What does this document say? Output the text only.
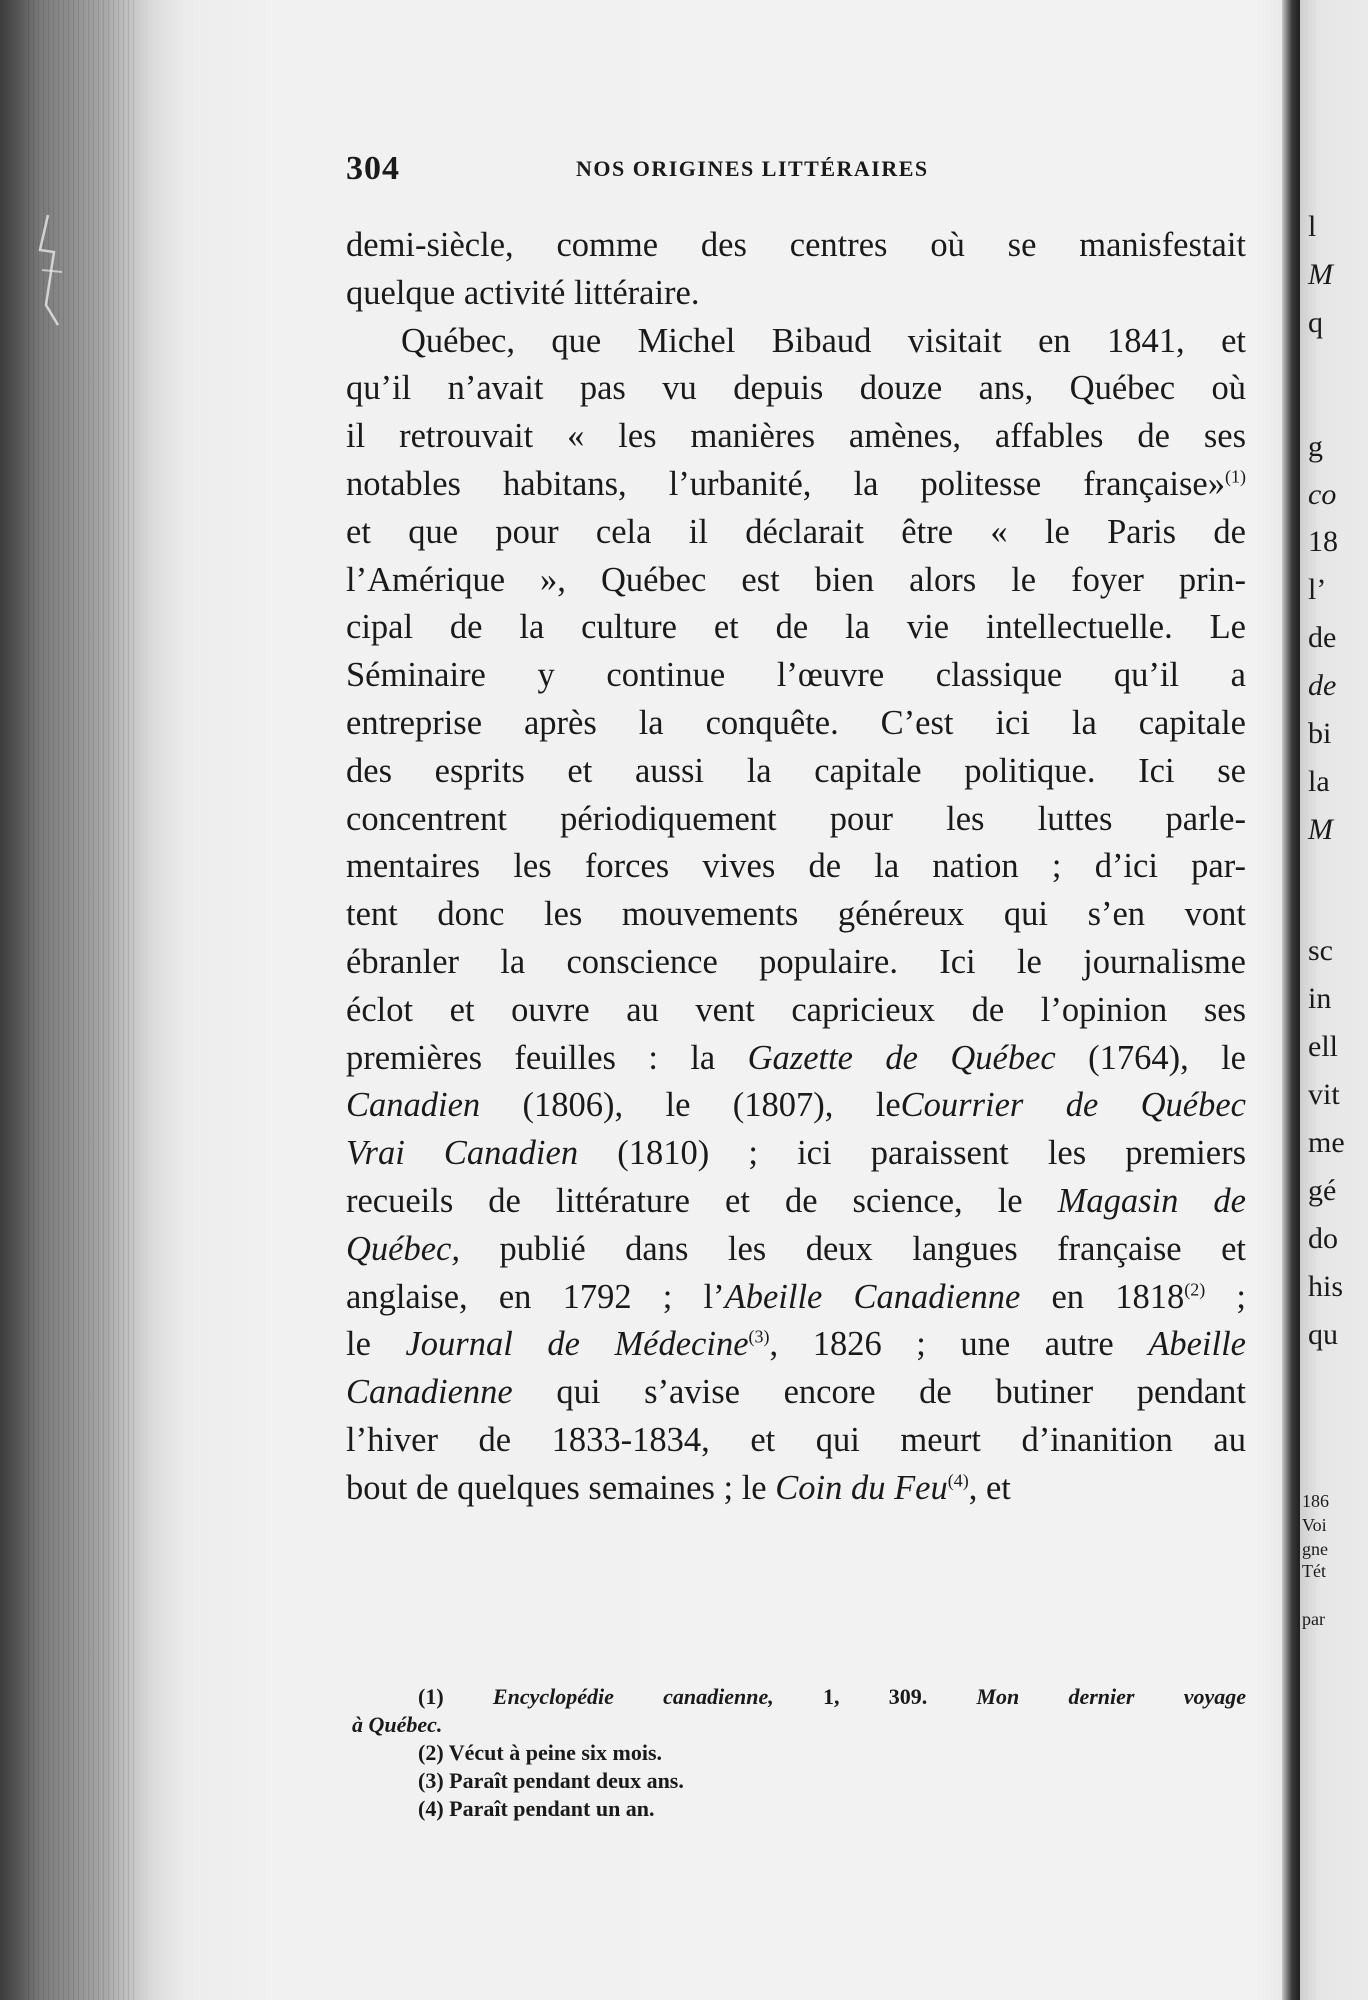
304	NOS ORIGINES LITTÉRAIRES
demi-siècle, comme des centres où se manisfestait
quelque activité littéraire.
Québec, que Michel Bibaud visitait en 1841, et
qu’il n’avait pas vu depuis douze ans, Québec où
il retrouvait « les manières amènes, affables de ses
notables habitans, l’urbanité, la politesse française»$^{(1)}$
et que pour cela il déclarait être « le Paris de
l’Amérique », Québec est bien alors le foyer prin-
cipal de la culture et de la vie intellectuelle. Le
Séminaire y continue l’œuvre classique qu’il a
entreprise après la conquête. C’est ici la capitale
des esprits et aussi la capitale politique. Ici se
concentrent périodiquement pour les luttes parle-
mentaires les forces vives de la nation ; d’ici par-
tent donc les mouvements généreux qui s’en vont
ébranler la conscience populaire. Ici le journalisme
éclot et ouvre au vent capricieux de l’opinion ses
premières feuilles : la Gazette de Québec (1764), le
Canadien (1806), le (1807), leCourrier de Québec
Vrai Canadien (1810) ; ici paraissent les premiers
recueils de littérature et de science, le Magasin de
Québec, publié dans les deux langues française et
anglaise, en 1792 ; l’Abeille Canadienne en 1818$^{(2)}$ ;
le Journal de Médecine$^{(3)}$, 1826 ; une autre Abeille
Canadienne qui s’avise encore de butiner pendant
l’hiver de 1833-1834, et qui meurt d’inanition au
bout de quelques semaines ; le Coin du Feu$^{(4)}$, et
(1) Encyclopédie canadienne, 1, 309. Mon dernier voyage
à Québec.
(2) Vécut à peine six mois.
(3) Paraît pendant deux ans.
(4) Paraît pendant un an.
l
M
q
g
co
18
l’
de
de
bi
la
M
sc
in
ell
vit
me
gé
do
his
qu
186
Voi
gne
Tét
par
